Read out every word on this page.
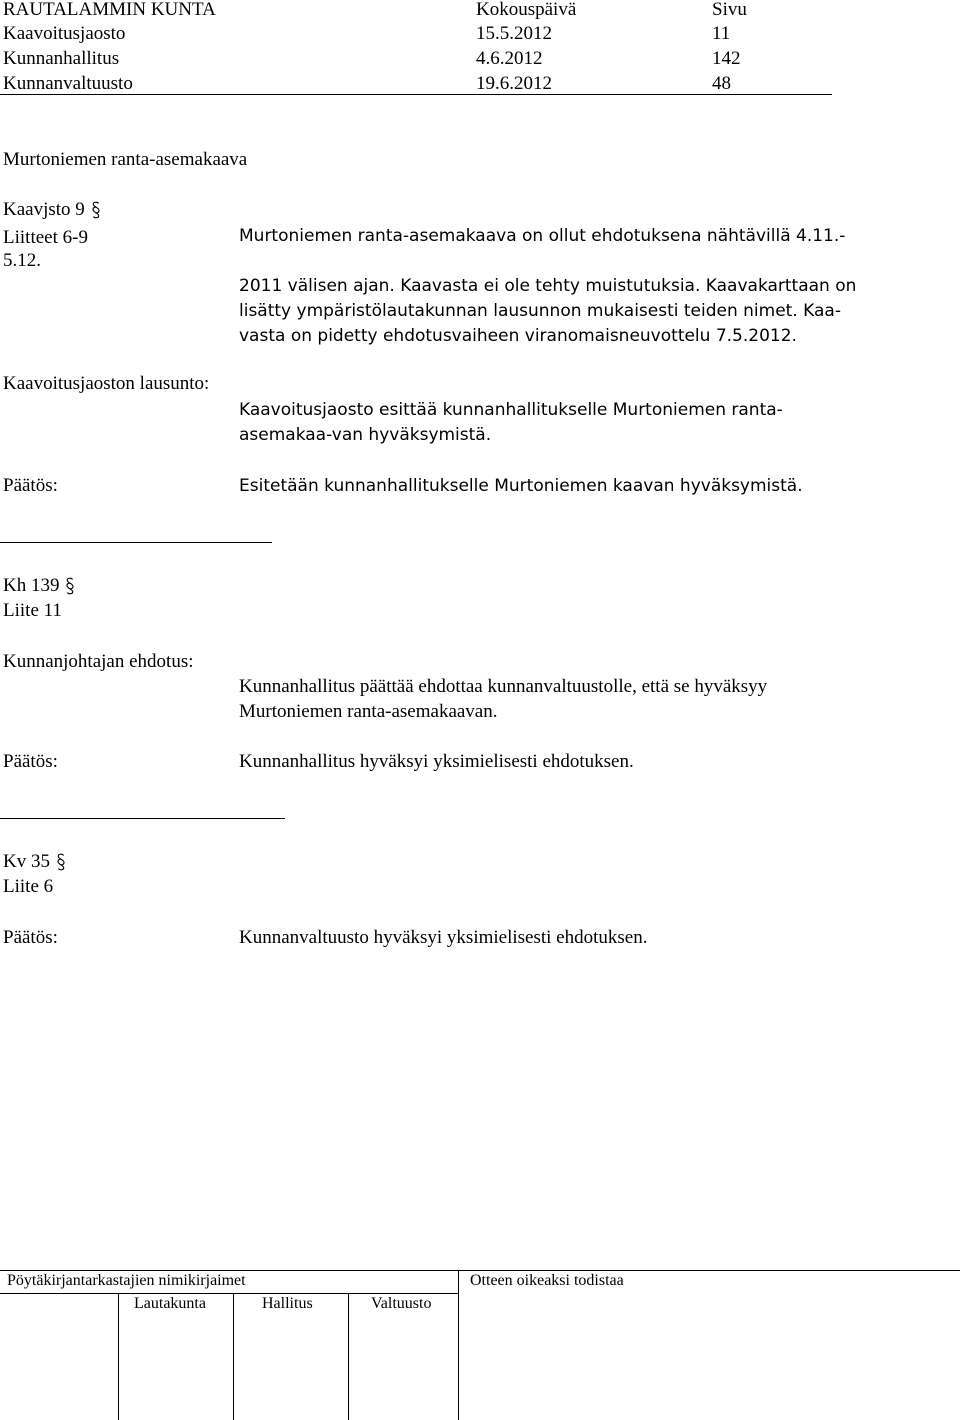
RAUTALAMMIN KUNTA	Kokouspäivä	Sivu
Kaavoitusjaosto	15.5.2012	11
Kunnanhallitus	4.6.2012	142
Kunnanvaltuusto	19.6.2012	48
Murtoniemen ranta-asemakaava
Kaavjsto 9
Liitteet 6-9
5.12.
Murtoniemen ranta-asemakaava on ollut ehdotuksena nähtävillä 4.11.-
2011 välisen ajan. Kaavasta ei ole tehty muistutuksia. Kaavakarttaan on
lisätty ympäristölautakunnan lausunnon mukaisesti teiden nimet. Kaa-
vasta on pidetty ehdotusvaiheen viranomaisneuvottelu 7.5.2012.
Kaavoitusjaoston lausunto:
Kaavoitusjaosto esittää kunnanhallitukselle Murtoniemen ranta-
asemakaa-van hyväksymistä.
Päätös:	Esitetään kunnanhallitukselle Murtoniemen kaavan hyväksymistä.
Kh 139
Liite 11
Kunnanjohtajan ehdotus:
Kunnanhallitus päättää ehdottaa kunnanvaltuustolle, että se hyväksyy
Murtoniemen ranta-asemakaavan.
Päätös:	Kunnanhallitus hyväksyi yksimielisesti ehdotuksen.
Kv 35
Liite 6
Päätös:	Kunnanvaltuusto hyväksyi yksimielisesti ehdotuksen.
Pöytäkirjantarkastajien nimikirjaimet
Lautakunta	Hallitus	Valtuusto
Otteen oikeaksi todistaa
